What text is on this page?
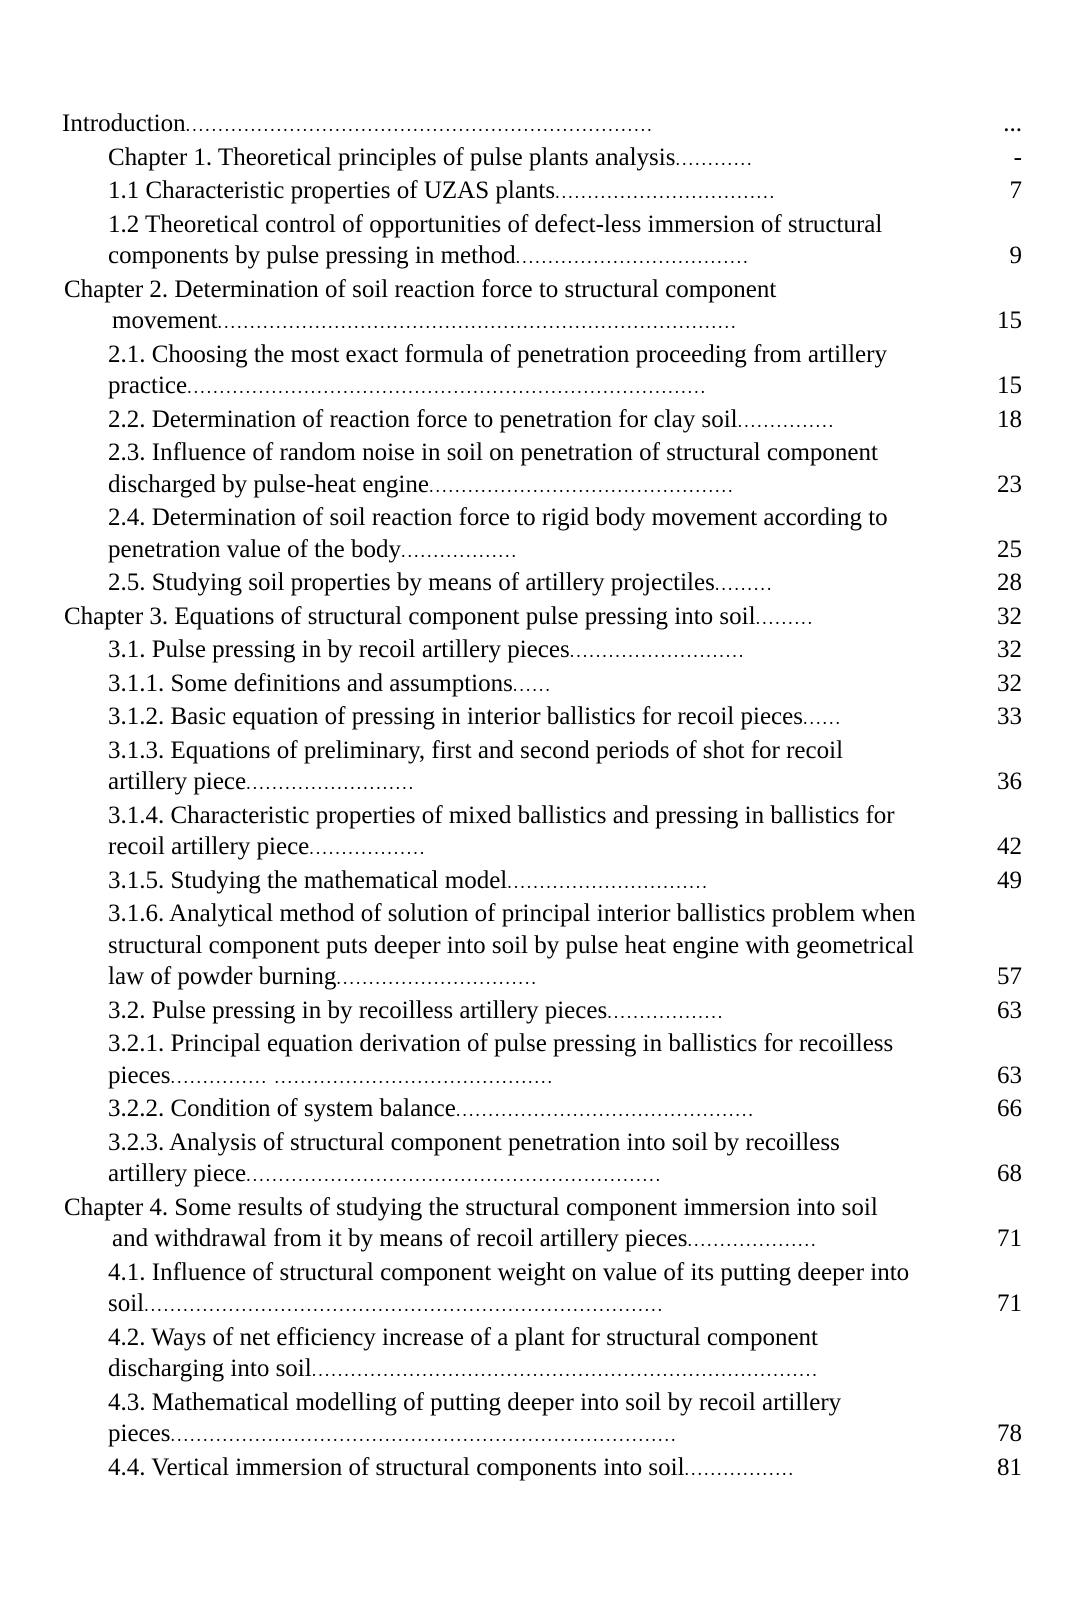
Introduction ........................................................................	...
Chapter 1. Theoretical principles of pulse plants analysis ............	-
1.1 Characteristic properties of UZAS plants ..................................	7
1.2 Theoretical control of opportunities of defect-less immersion of structural
components by pulse pressing in method ....................................	9
Chapter 2. Determination of soil reaction force to structural component
movement ................................................................................	15
2.1. Choosing the most exact formula of penetration proceeding from artillery
practice ................................................................................	15
2.2. Determination of reaction force to penetration for clay soil ...............	18
2.3. Influence of random noise in soil on penetration of structural component
discharged by pulse-heat engine ...............................................	23
2.4. Determination of soil reaction force to rigid body movement according to
penetration value of the body ..................	25
2.5. Studying soil properties by means of artillery projectiles .........	28
Chapter 3. Equations of structural component pulse pressing into soil .........	32
3.1. Pulse pressing in by recoil artillery pieces ...........................	32
3.1.1. Some definitions and assumptions ......	32
3.1.2. Basic equation of pressing in interior ballistics for recoil pieces ......	33
3.1.3. Equations of preliminary, first and second periods of shot for recoil
artillery piece ..........................	36
3.1.4. Characteristic properties of mixed ballistics and pressing in ballistics for
recoil artillery piece ..................	42
3.1.5. Studying the mathematical model ...............................	49
3.1.6. Analytical method of solution of principal interior ballistics problem when
structural component puts deeper into soil by pulse heat engine with geometrical
law of powder burning ...............................	57
3.2. Pulse pressing in by recoilless artillery pieces ..................	63
3.2.1. Principal equation derivation of pulse pressing in ballistics for recoilless
pieces ............... ...........................................	63
3.2.2. Condition of system balance ..............................................	66
3.2.3. Analysis of structural component penetration into soil by recoilless
artillery piece ................................................................	68
Chapter 4. Some results of studying the structural component immersion into soil
and withdrawal from it by means of recoil artillery pieces ....................	71
4.1. Influence of structural component weight on value of its putting deeper into
soil ................................................................................	71
4.2. Ways of net efficiency increase of a plant for structural component
discharging into soil ..............................................................................
4.3. Mathematical modelling of putting deeper into soil by recoil artillery
pieces ..............................................................................	78
4.4. Vertical immersion of structural components into soil .................	81
